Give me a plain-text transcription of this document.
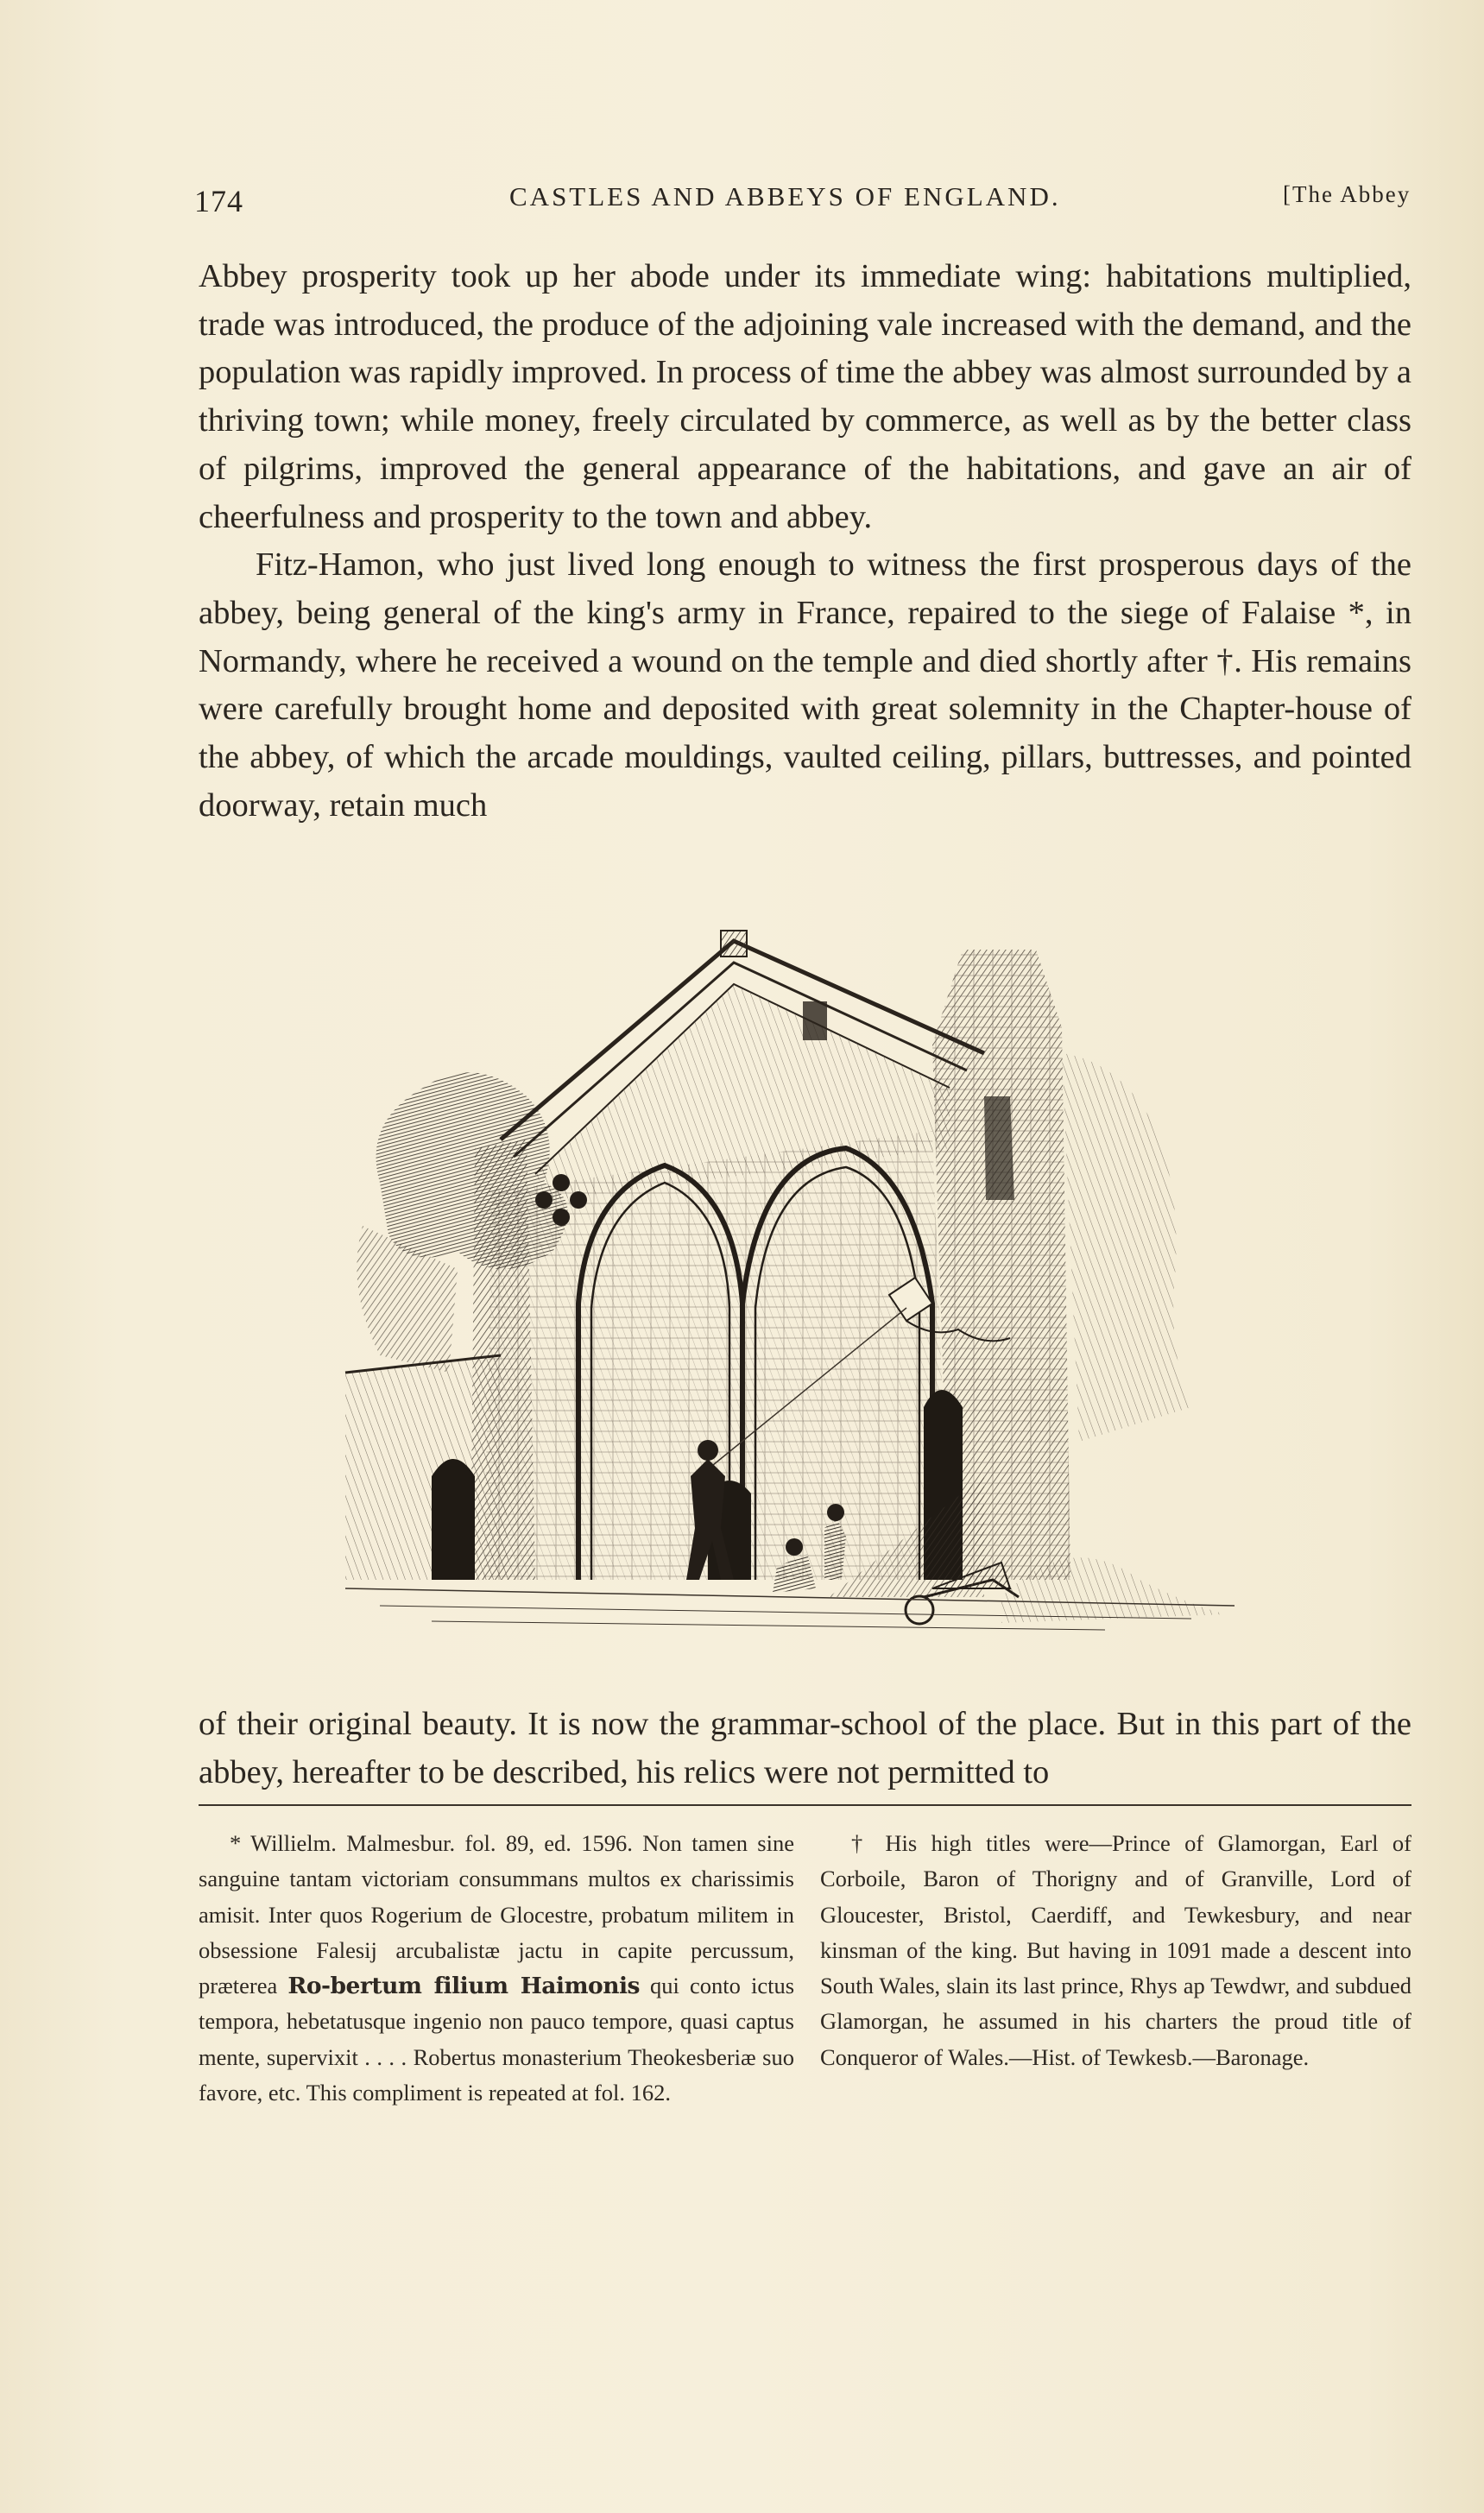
174	CASTLES AND ABBEYS OF ENGLAND.	[The Abbey

Abbey prosperity took up her abode under its immediate wing: habitations multiplied, trade was introduced, the produce of the adjoining vale increased with the demand, and the population was rapidly improved. In process of time the abbey was almost surrounded by a thriving town; while money, freely circulated by commerce, as well as by the better class of pilgrims, improved the general appearance of the habitations, and gave an air of cheerfulness and prosperity to the town and abbey.

Fitz-Hamon, who just lived long enough to witness the first prosperous days of the abbey, being general of the king's army in France, repaired to the siege of Falaise *, in Normandy, where he received a wound on the temple and died shortly after †. His remains were carefully brought home and deposited with great solemnity in the Chapter-house of the abbey, of which the arcade mouldings, vaulted ceiling, pillars, buttresses, and pointed doorway, retain much

of their original beauty. It is now the grammar-school of the place. But in this part of the abbey, hereafter to be described, his relics were not permitted to

* Willielm. Malmesbur. fol. 89, ed. 1596. Non tamen sine sanguine tantam victoriam consummans multos ex charissimis amisit. Inter quos Rogerium de Glocestre, probatum militem in obsessione Falesij arcubalistæ jactu in capite percussum, præterea Ro-bertum filium Haimonis qui conto ictus tempora, hebetatusque ingenio non pauco tempore, quasi captus mente, supervixit . . . . Robertus monasterium Theokesberiæ suo favore, etc. This compliment is repeated at fol. 162.

† His high titles were—Prince of Glamorgan, Earl of Corboile, Baron of Thorigny and of Granville, Lord of Gloucester, Bristol, Caerdiff, and Tewkesbury, and near kinsman of the king. But having in 1091 made a descent into South Wales, slain its last prince, Rhys ap Tewdwr, and subdued Glamorgan, he assumed in his charters the proud title of Conqueror of Wales.—Hist. of Tewkesb.—Baronage.
